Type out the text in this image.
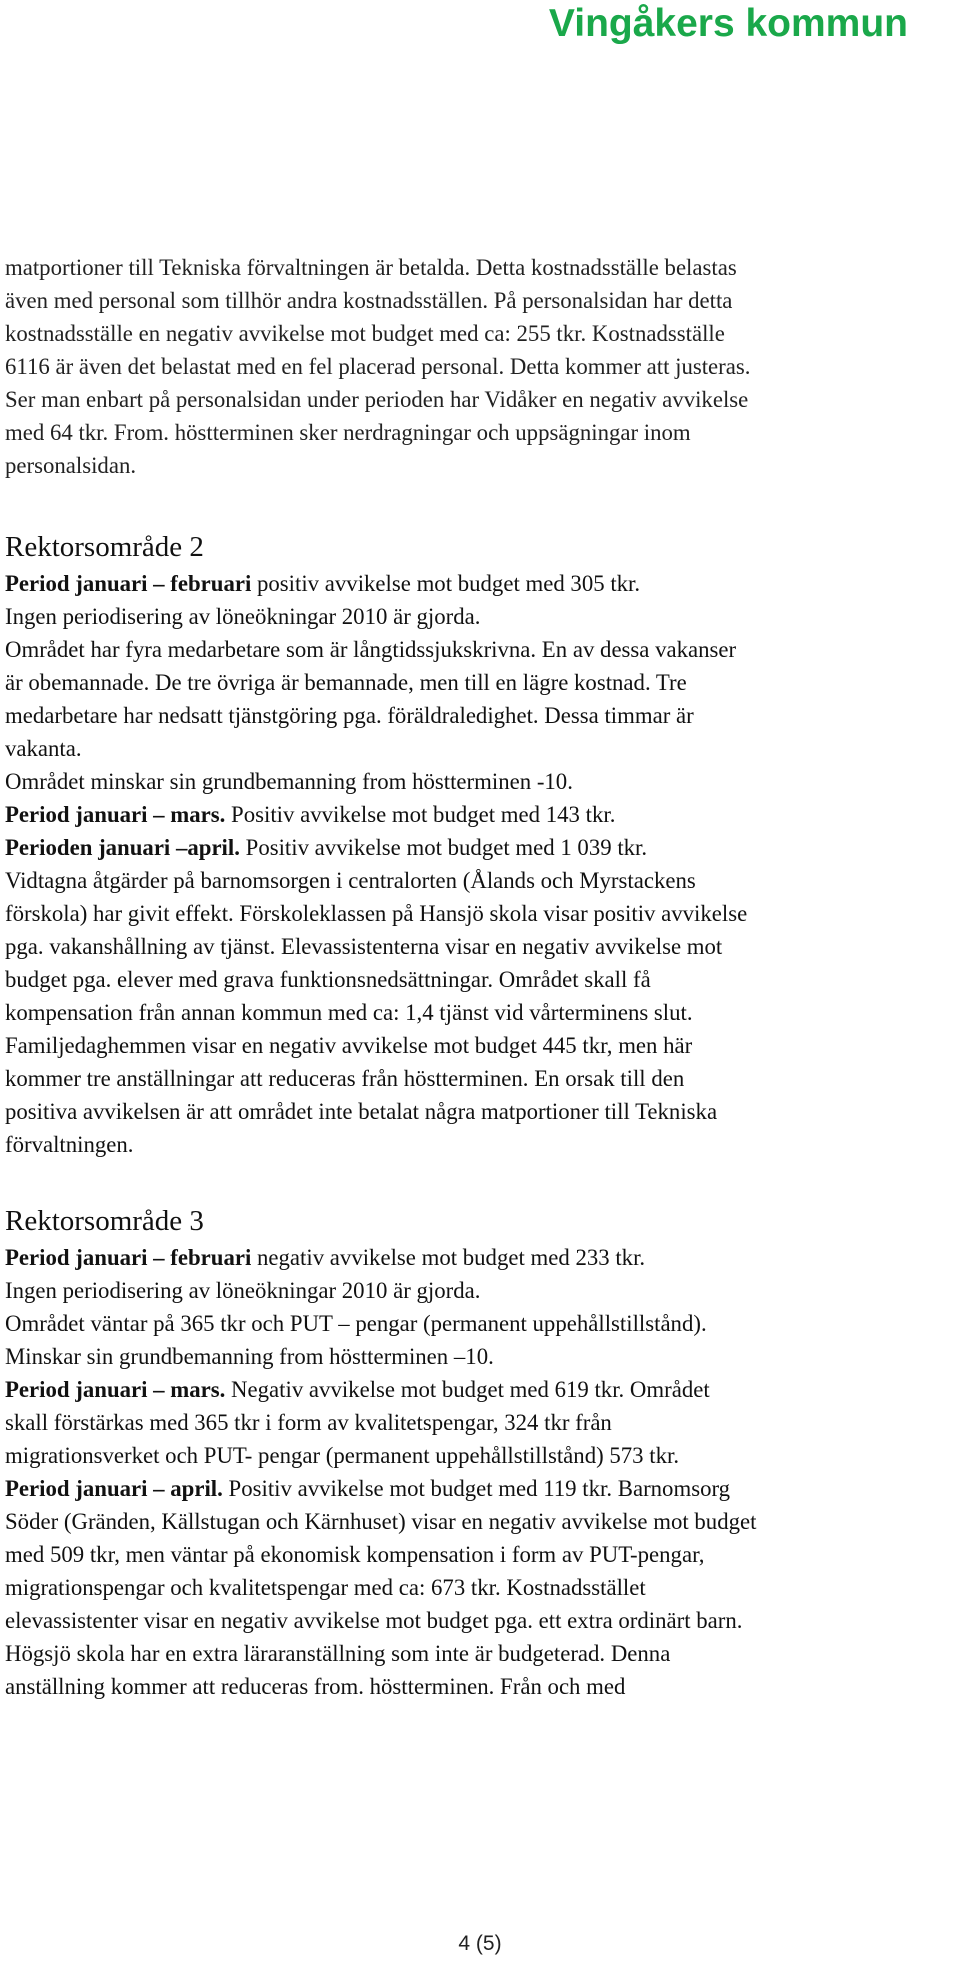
Vingåkers kommun

matportioner till Tekniska förvaltningen är betalda. Detta kostnadsställe belastas
även med personal som tillhör andra kostnadsställen. På personalsidan har detta
kostnadsställe en negativ avvikelse mot budget med ca: 255 tkr. Kostnadsställe
6116 är även det belastat med en fel placerad personal. Detta kommer att justeras.
Ser man enbart på personalsidan under perioden har Vidåker en negativ avvikelse
med 64 tkr. From. höstterminen sker nerdragningar och uppsägningar inom
personalsidan.

Rektorsområde 2

Period januari – februari positiv avvikelse mot budget med 305 tkr.
Ingen periodisering av löneökningar 2010 är gjorda.
Området har fyra medarbetare som är långtidssjukskrivna. En av dessa vakanser
är obemannade. De tre övriga är bemannade, men till en lägre kostnad. Tre
medarbetare har nedsatt tjänstgöring pga. föräldraledighet. Dessa timmar är
vakanta.
Området minskar sin grundbemanning from höstterminen -10.
Period januari – mars. Positiv avvikelse mot budget med 143 tkr.
Perioden januari –april. Positiv avvikelse mot budget med 1 039 tkr.
Vidtagna åtgärder på barnomsorgen i centralorten (Ålands och Myrstackens
förskola) har givit effekt. Förskoleklassen på Hansjö skola visar positiv avvikelse
pga. vakanshållning av tjänst. Elevassistenterna visar en negativ avvikelse mot
budget pga. elever med grava funktionsnedsättningar. Området skall få
kompensation från annan kommun med ca: 1,4 tjänst vid vårterminens slut.
Familjedaghemmen visar en negativ avvikelse mot budget 445 tkr, men här
kommer tre anställningar att reduceras från höstterminen. En orsak till den
positiva avvikelsen är att området inte betalat några matportioner till Tekniska
förvaltningen.

Rektorsområde 3

Period januari – februari negativ avvikelse mot budget med 233 tkr.
Ingen periodisering av löneökningar 2010 är gjorda.
Området väntar på 365 tkr och PUT – pengar (permanent uppehållstillstånd).
Minskar sin grundbemanning from höstterminen –10.
Period januari – mars. Negativ avvikelse mot budget med 619 tkr. Området
skall förstärkas med 365 tkr i form av kvalitetspengar, 324 tkr från
migrationsverket och PUT- pengar (permanent uppehållstillstånd) 573 tkr.
Period januari – april. Positiv avvikelse mot budget med 119 tkr. Barnomsorg
Söder (Gränden, Källstugan och Kärnhuset) visar en negativ avvikelse mot budget
med 509 tkr, men väntar på ekonomisk kompensation i form av PUT-pengar,
migrationspengar och kvalitetspengar med ca: 673 tkr. Kostnadsstället
elevassistenter visar en negativ avvikelse mot budget pga. ett extra ordinärt barn.
Högsjö skola har en extra läraranställning som inte är budgeterad. Denna
anställning kommer att reduceras from. höstterminen. Från och med

4 (5)
